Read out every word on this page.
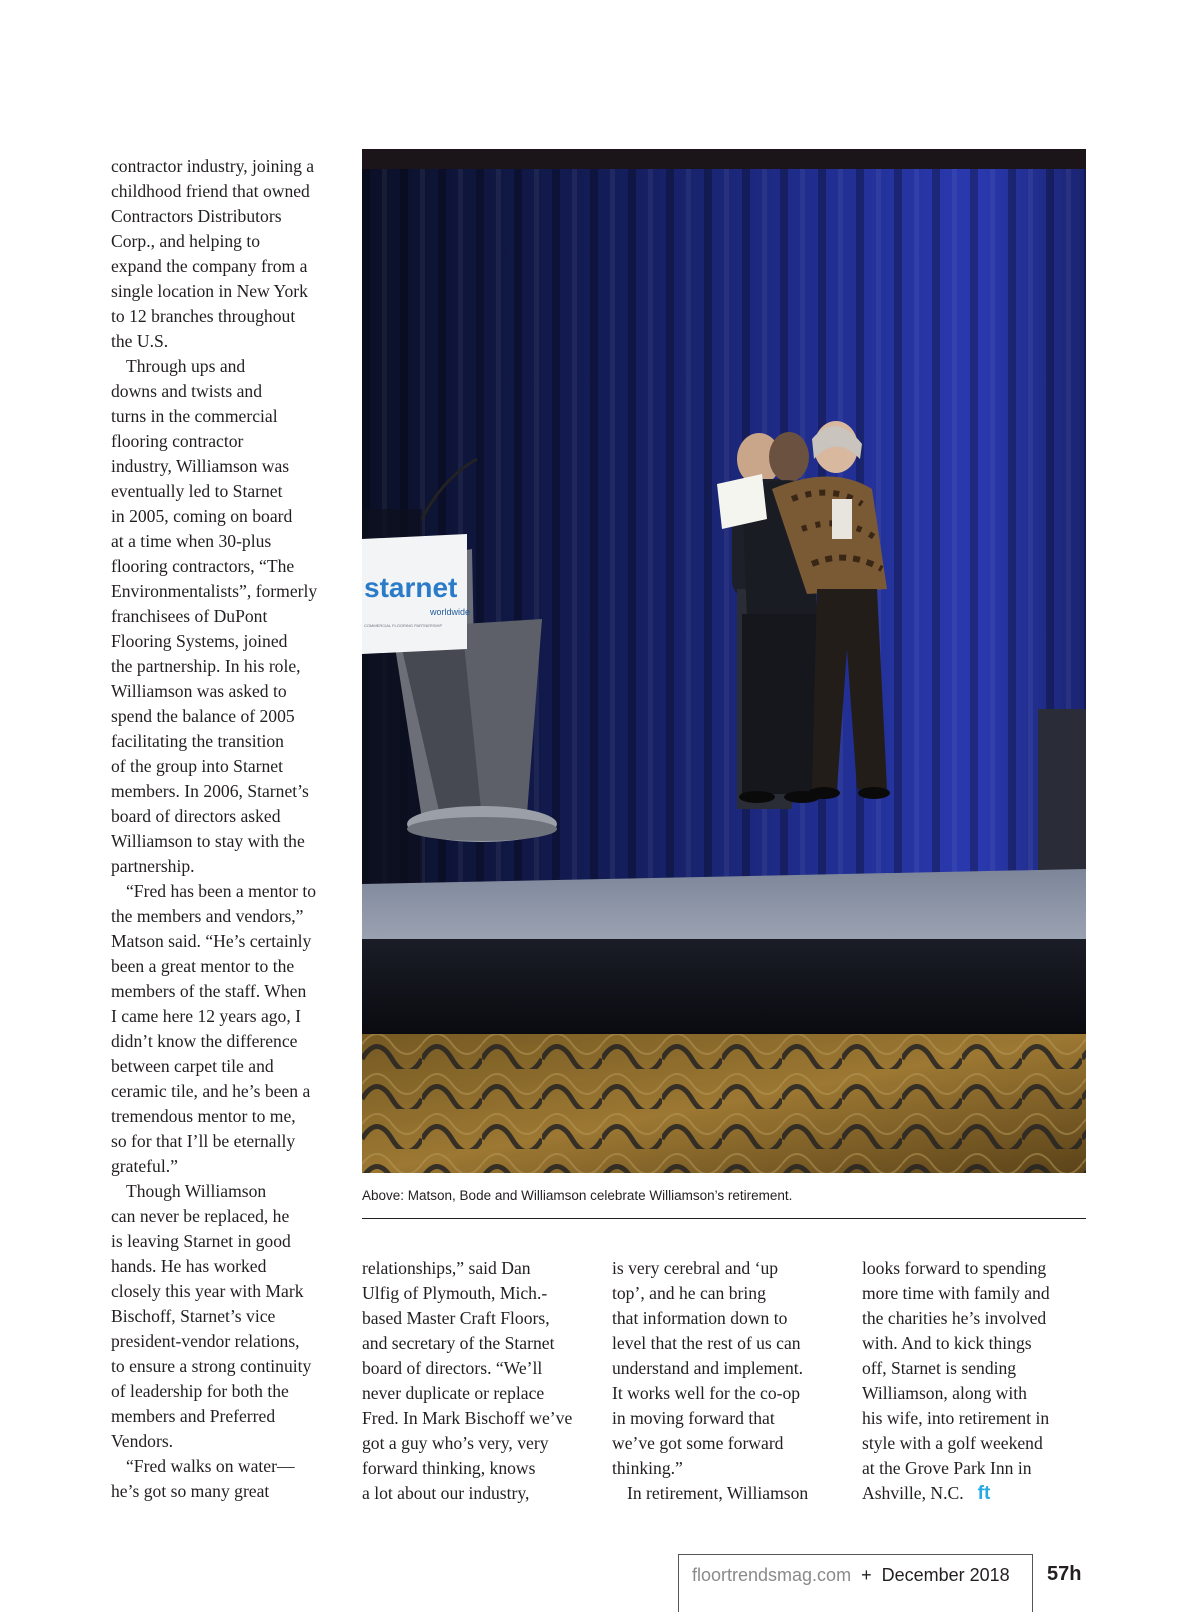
contractor industry, joining a
childhood friend that owned
Contractors Distributors
Corp., and helping to
expand the company from a
single location in New York
to 12 branches throughout
the U.S.
Through ups and
downs and twists and
turns in the commercial
flooring contractor
industry, Williamson was
eventually led to Starnet
in 2005, coming on board
at a time when 30-plus
flooring contractors, “The
Environmentalists”, formerly
franchisees of DuPont
Flooring Systems, joined
the partnership. In his role,
Williamson was asked to
spend the balance of 2005
facilitating the transition
of the group into Starnet
members. In 2006, Starnet’s
board of directors asked
Williamson to stay with the
partnership.
“Fred has been a mentor to
the members and vendors,”
Matson said. “He’s certainly
been a great mentor to the
members of the staff. When
I came here 12 years ago, I
didn’t know the difference
between carpet tile and
ceramic tile, and he’s been a
tremendous mentor to me,
so for that I’ll be eternally
grateful.”
Though Williamson
can never be replaced, he
is leaving Starnet in good
hands. He has worked
closely this year with Mark
Bischoff, Starnet’s vice
president-vendor relations,
to ensure a strong continuity
of leadership for both the
members and Preferred
Vendors.
“Fred walks on water—
he’s got so many great
starnet
worldwide
COMMERCIAL FLOORING PARTNERSHIP
Above: Matson, Bode and Williamson celebrate Williamson’s retirement.
relationships,” said Dan
Ulfig of Plymouth, Mich.-
based Master Craft Floors,
and secretary of the Starnet
board of directors. “We’ll
never duplicate or replace
Fred. In Mark Bischoff we’ve
got a guy who’s very, very
forward thinking, knows
a lot about our industry,
is very cerebral and ‘up
top’, and he can bring
that information down to
level that the rest of us can
understand and implement.
It works well for the co-op
in moving forward that
we’ve got some forward
thinking.”
In retirement, Williamson
looks forward to spending
more time with family and
the charities he’s involved
with. And to kick things
off, Starnet is sending
Williamson, along with
his wife, into retirement in
style with a golf weekend
at the Grove Park Inn in
Ashville, N.C. ft
floortrendsmag.com + December 2018 57h
